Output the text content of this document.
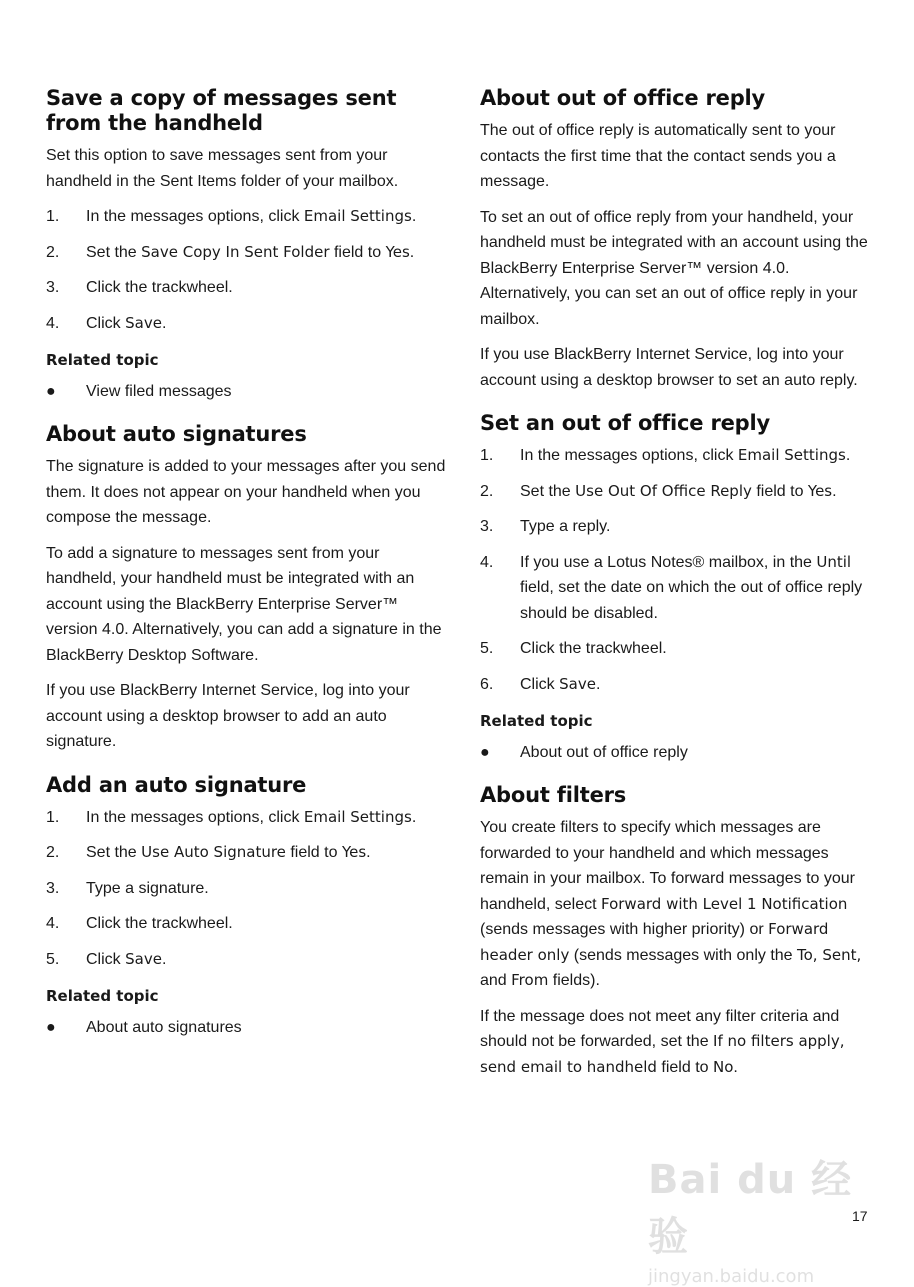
Save a copy of messages sent from the handheld

Set this option to save messages sent from your handheld in the Sent Items folder of your mailbox.

1. In the messages options, click Email Settings.
2. Set the Save Copy In Sent Folder field to Yes.
3. Click the trackwheel.
4. Click Save.
Related topic
● View filed messages
About auto signatures

The signature is added to your messages after you send them. It does not appear on your handheld when you compose the message.

To add a signature to messages sent from your handheld, your handheld must be integrated with an account using the BlackBerry Enterprise Server™ version 4.0. Alternatively, you can add a signature in the BlackBerry Desktop Software.

If you use BlackBerry Internet Service, log into your account using a desktop browser to add an auto signature.

Add an auto signature
1. In the messages options, click Email Settings.
2. Set the Use Auto Signature field to Yes.
3. Type a signature.
4. Click the trackwheel.
5. Click Save.
Related topic
● About auto signatures
About out of office reply

The out of office reply is automatically sent to your contacts the first time that the contact sends you a message.

To set an out of office reply from your handheld, your handheld must be integrated with an account using the BlackBerry Enterprise Server™ version 4.0. Alternatively, you can set an out of office reply in your mailbox.

If you use BlackBerry Internet Service, log into your account using a desktop browser to set an auto reply.

Set an out of office reply
1. In the messages options, click Email Settings.
2. Set the Use Out Of Office Reply field to Yes.
3. Type a reply.
4. If you use a Lotus Notes® mailbox, in the Until field, set the date on which the out of office reply should be disabled.
5. Click the trackwheel.
6. Click Save.
Related topic
● About out of office reply
About filters

You create filters to specify which messages are forwarded to your handheld and which messages remain in your mailbox. To forward messages to your handheld, select Forward with Level 1 Notification (sends messages with higher priority) or Forward header only (sends messages with only the To, Sent, and From fields).

If the message does not meet any filter criteria and should not be forwarded, set the If no filters apply, send email to handheld field to No.

Bai du 经验
jingyan.baidu.com
17
